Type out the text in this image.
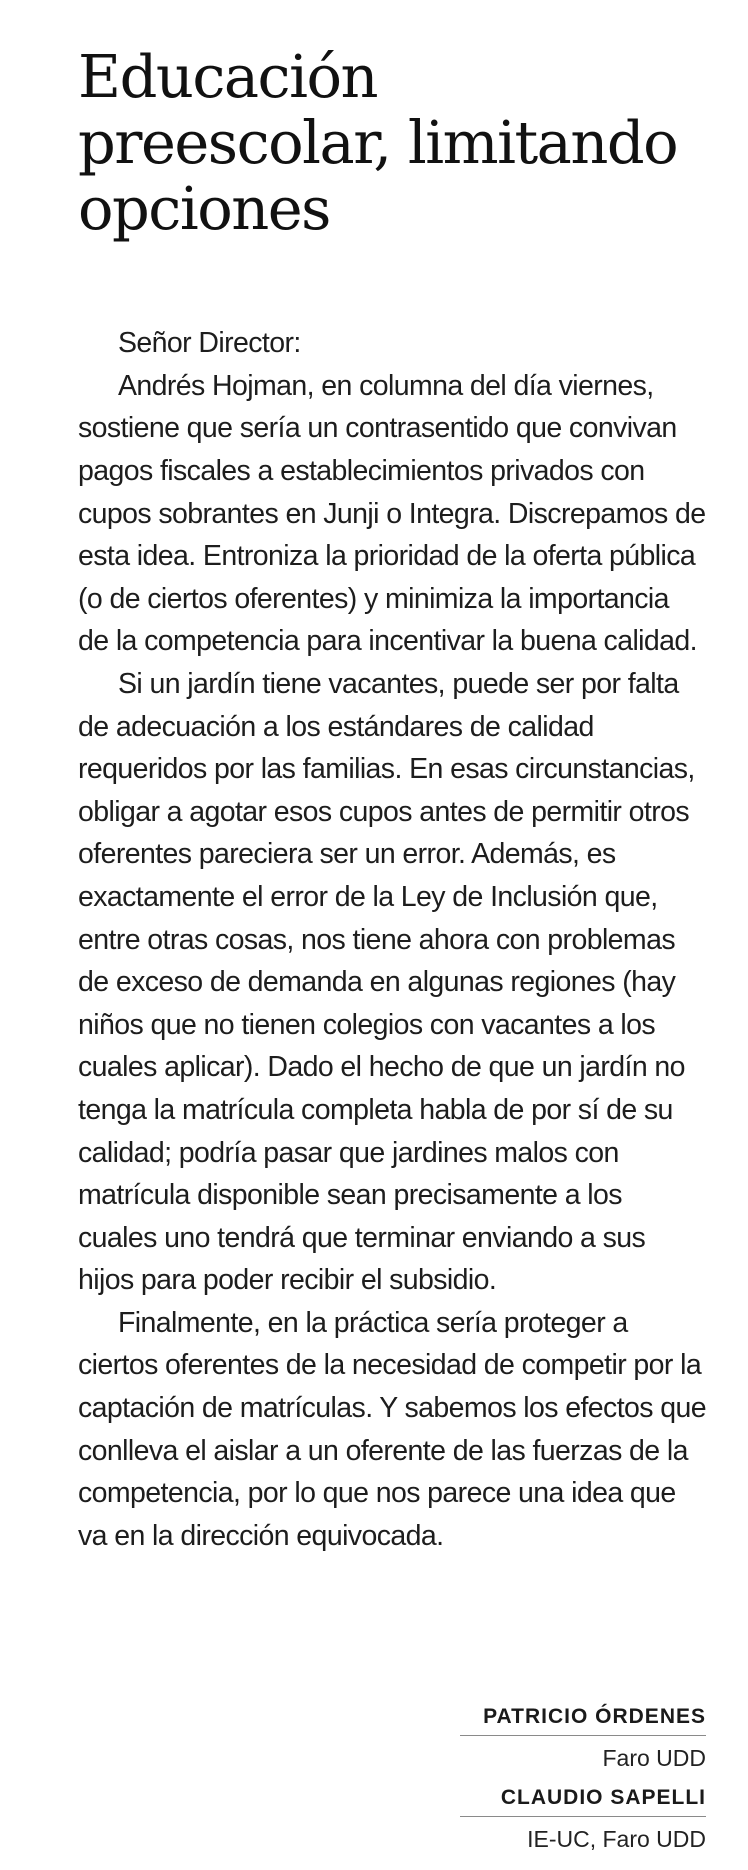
Educación preescolar, limitando opciones

Señor Director:

Andrés Hojman, en columna del día viernes, sostiene que sería un contrasentido que convivan pagos fiscales a establecimientos privados con cupos sobrantes en Junji o Integra. Discrepamos de esta idea. Entroniza la prioridad de la oferta pública (o de ciertos oferentes) y minimiza la importancia de la competencia para incentivar la buena calidad.

Si un jardín tiene vacantes, puede ser por falta de adecuación a los estándares de calidad requeridos por las familias. En esas circunstancias, obligar a agotar esos cupos antes de permitir otros oferentes pareciera ser un error. Además, es exactamente el error de la Ley de Inclusión que, entre otras cosas, nos tiene ahora con problemas de exceso de demanda en algunas regiones (hay niños que no tienen colegios con vacantes a los cuales aplicar). Dado el hecho de que un jardín no tenga la matrícula completa habla de por sí de su calidad; podría pasar que jardines malos con matrícula disponible sean precisamente a los cuales uno tendrá que terminar enviando a sus hijos para poder recibir el subsidio.

Finalmente, en la práctica sería proteger a ciertos oferentes de la necesidad de competir por la captación de matrículas. Y sabemos los efectos que conlleva el aislar a un oferente de las fuerzas de la competencia, por lo que nos parece una idea que va en la dirección equivocada.

PATRICIO ÓRDENES
Faro UDD
CLAUDIO SAPELLI
IE-UC, Faro UDD
